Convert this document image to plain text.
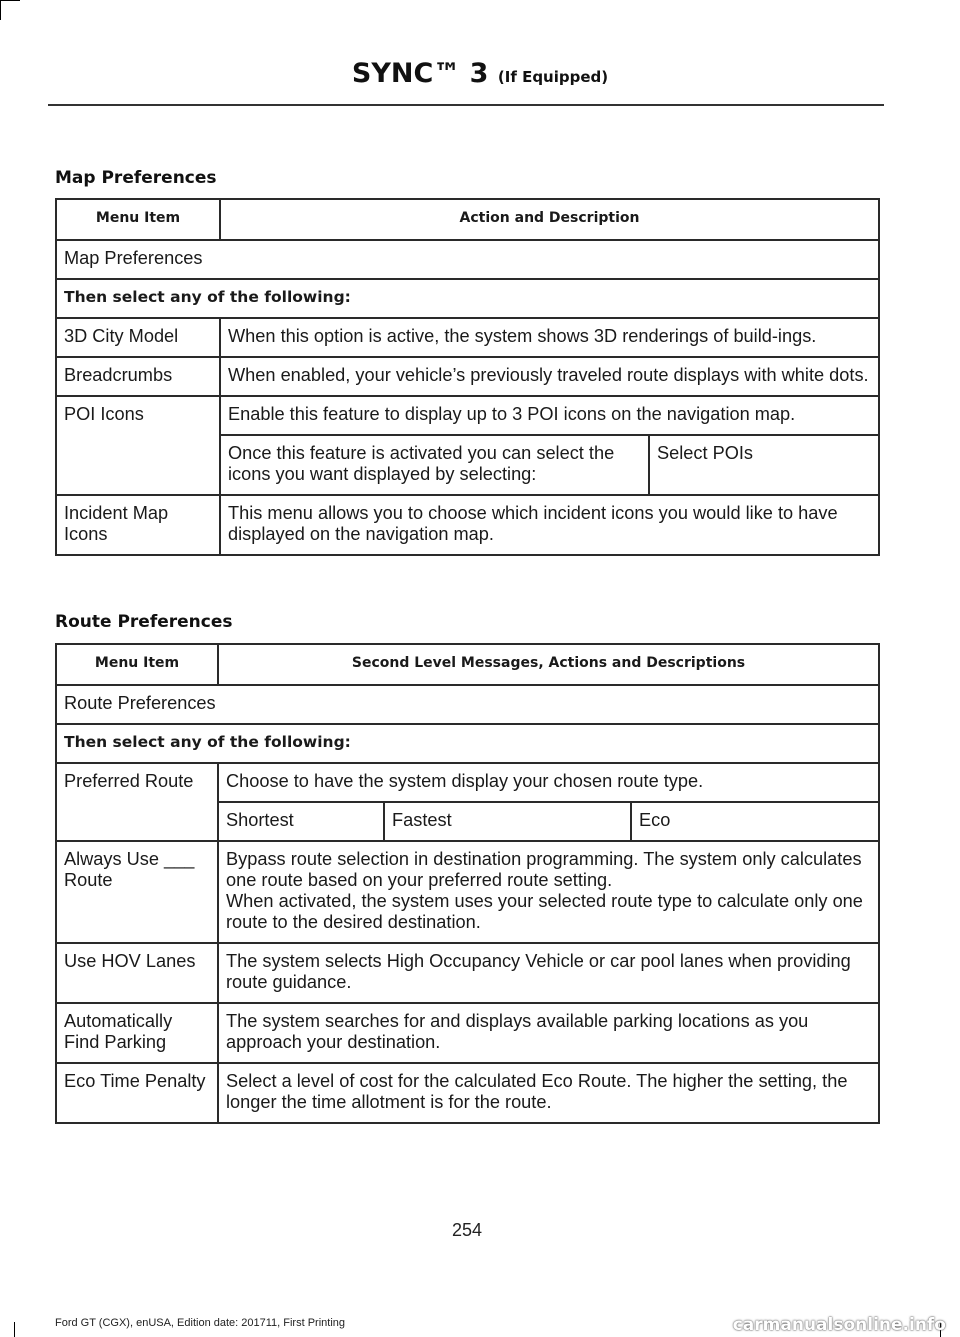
SYNC™ 3 (If Equipped)
Map Preferences
Menu Item	Action and Description	
Map Preferences		
Then select any of the following:		
3D City Model	When this option is active, the system shows 3D renderings of build-ings.	
Breadcrumbs	When enabled, your vehicle’s previously traveled route displays with white dots.	
POI Icons	Enable this feature to display up to 3 POI icons on the navigation map.	
	Once this feature is activated you can select the icons you want displayed by selecting:	Select POIs
Incident Map Icons	This menu allows you to choose which incident icons you would like to have displayed on the navigation map.	
Route Preferences
Menu Item	Second Level Messages, Actions and Descriptions		
Route Preferences			
Then select any of the following:			
Preferred Route	Choose to have the system display your chosen route type.		
	Shortest	Fastest	Eco
Always Use ___ Route	Bypass route selection in destination programming. The system only calculates one route based on your preferred route setting.
When activated, the system uses your selected route type to calculate only one route to the desired destination.		

Use HOV Lanes	The system selects High Occupancy Vehicle or car pool lanes when providing route guidance.		
Automatically Find Parking	The system searches for and displays available parking locations as you approach your destination.		
Eco Time Penalty	Select a level of cost for the calculated Eco Route. The higher the setting, the longer the time allotment is for the route.		
254
Ford GT (CGX), enUSA, Edition date: 201711, First Printing	carmanualsonline.info
